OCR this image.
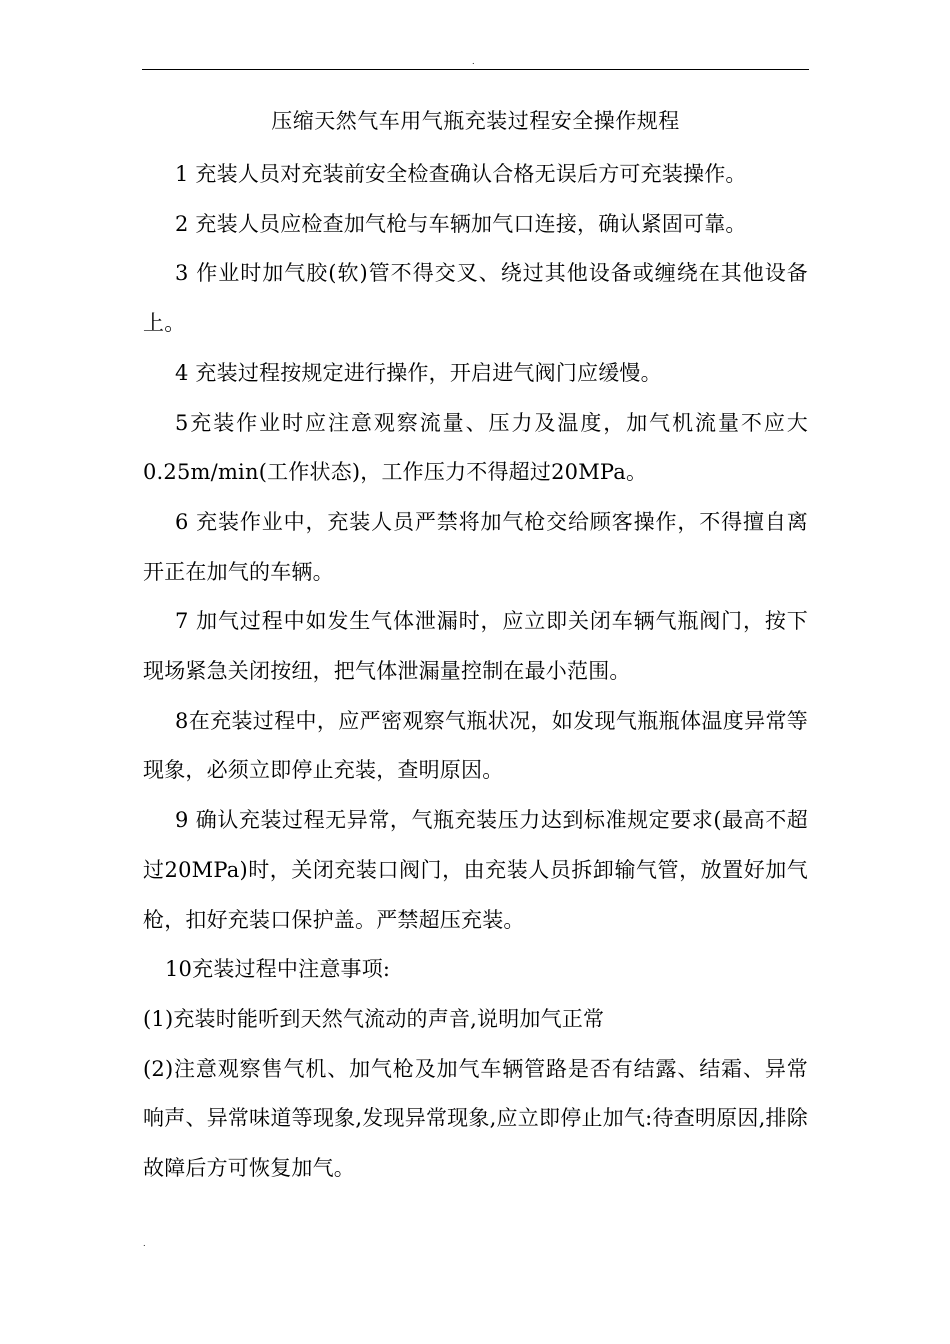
.
压缩天然气车用气瓶充装过程安全操作规程

1 充装人员对充装前安全检查确认合格无误后方可充装操作。

2 充装人员应检查加气枪与车辆加气口连接，确认紧固可靠。

3 作业时加气胶(软)管不得交叉、绕过其他设备或缠绕在其他设备上。

4 充装过程按规定进行操作，开启进气阀门应缓慢。

5充装作业时应注意观察流量、压力及温度，加气机流量不应大0.25m/min(工作状态)，工作压力不得超过20MPa。

6 充装作业中，充装人员严禁将加气枪交给顾客操作，不得擅自离开正在加气的车辆。

7 加气过程中如发生气体泄漏时，应立即关闭车辆气瓶阀门，按下现场紧急关闭按纽，把气体泄漏量控制在最小范围。

8在充装过程中，应严密观察气瓶状况，如发现气瓶瓶体温度异常等现象，必须立即停止充装，查明原因。

9 确认充装过程无异常，气瓶充装压力达到标准规定要求(最高不超过20MPa)时，关闭充装口阀门，由充装人员拆卸输气管，放置好加气枪，扣好充装口保护盖。严禁超压充装。

10充装过程中注意事项:

(1)充装时能听到天然气流动的声音,说明加气正常

(2)注意观察售气机、加气枪及加气车辆管路是否有结露、结霜、异常响声、异常味道等现象,发现异常现象,应立即停止加气:待查明原因,排除故障后方可恢复加气。

.
